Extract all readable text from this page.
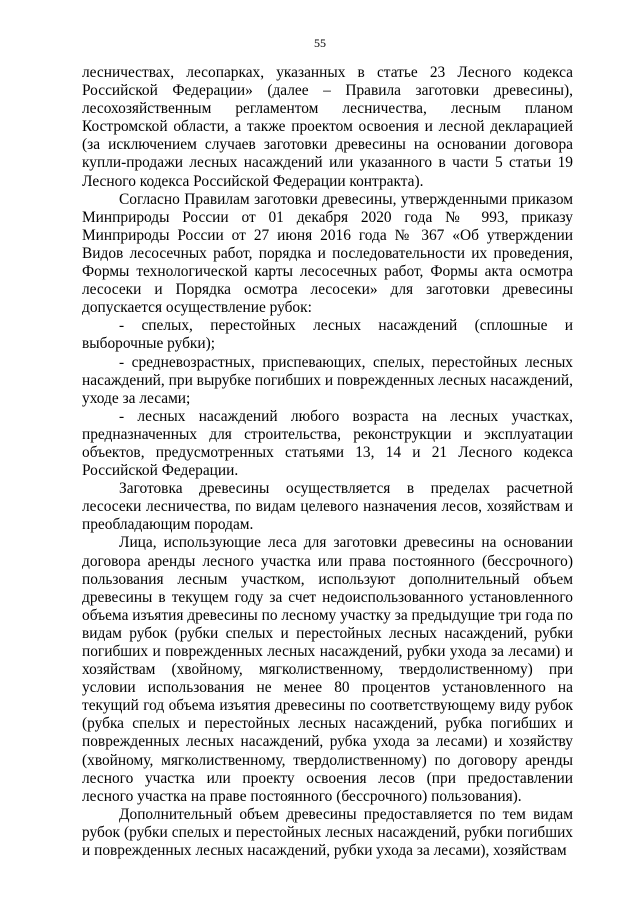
55

лесничествах, лесопарках, указанных в статье 23 Лесного кодекса Российской Федерации» (далее – Правила заготовки древесины), лесохозяйственным регламентом лесничества, лесным планом Костромской области, а также проектом освоения и лесной декларацией (за исключением случаев заготовки древесины на основании договора купли-продажи лесных насаждений или указанного в части 5 статьи 19 Лесного кодекса Российской Федерации контракта).

Согласно Правилам заготовки древесины, утвержденными приказом Минприроды России от 01 декабря 2020 года № 993, приказу Минприроды России от 27 июня 2016 года № 367 «Об утверждении Видов лесосечных работ, порядка и последовательности их проведения, Формы технологической карты лесосечных работ, Формы акта осмотра лесосеки и Порядка осмотра лесосеки» для заготовки древесины допускается осуществление рубок:

- спелых, перестойных лесных насаждений (сплошные и выборочные рубки);

- средневозрастных, приспевающих, спелых, перестойных лесных насаждений, при вырубке погибших и поврежденных лесных насаждений, уходе за лесами;

- лесных насаждений любого возраста на лесных участках, предназначенных для строительства, реконструкции и эксплуатации объектов, предусмотренных статьями 13, 14 и 21 Лесного кодекса Российской Федерации.

Заготовка древесины осуществляется в пределах расчетной лесосеки лесничества, по видам целевого назначения лесов, хозяйствам и преобладающим породам.

Лица, использующие леса для заготовки древесины на основании договора аренды лесного участка или права постоянного (бессрочного) пользования лесным участком, используют дополнительный объем древесины в текущем году за счет недоиспользованного установленного объема изъятия древесины по лесному участку за предыдущие три года по видам рубок (рубки спелых и перестойных лесных насаждений, рубки погибших и поврежденных лесных насаждений, рубки ухода за лесами) и хозяйствам (хвойному, мягколиственному, твердолиственному) при условии использования не менее 80 процентов установленного на текущий год объема изъятия древесины по соответствующему виду рубок (рубка спелых и перестойных лесных насаждений, рубка погибших и поврежденных лесных насаждений, рубка ухода за лесами) и хозяйству (хвойному, мягколиственному, твердолиственному) по договору аренды лесного участка или проекту освоения лесов (при предоставлении лесного участка на праве постоянного (бессрочного) пользования).

Дополнительный объем древесины предоставляется по тем видам рубок (рубки спелых и перестойных лесных насаждений, рубки погибших и поврежденных лесных насаждений, рубки ухода за лесами), хозяйствам
